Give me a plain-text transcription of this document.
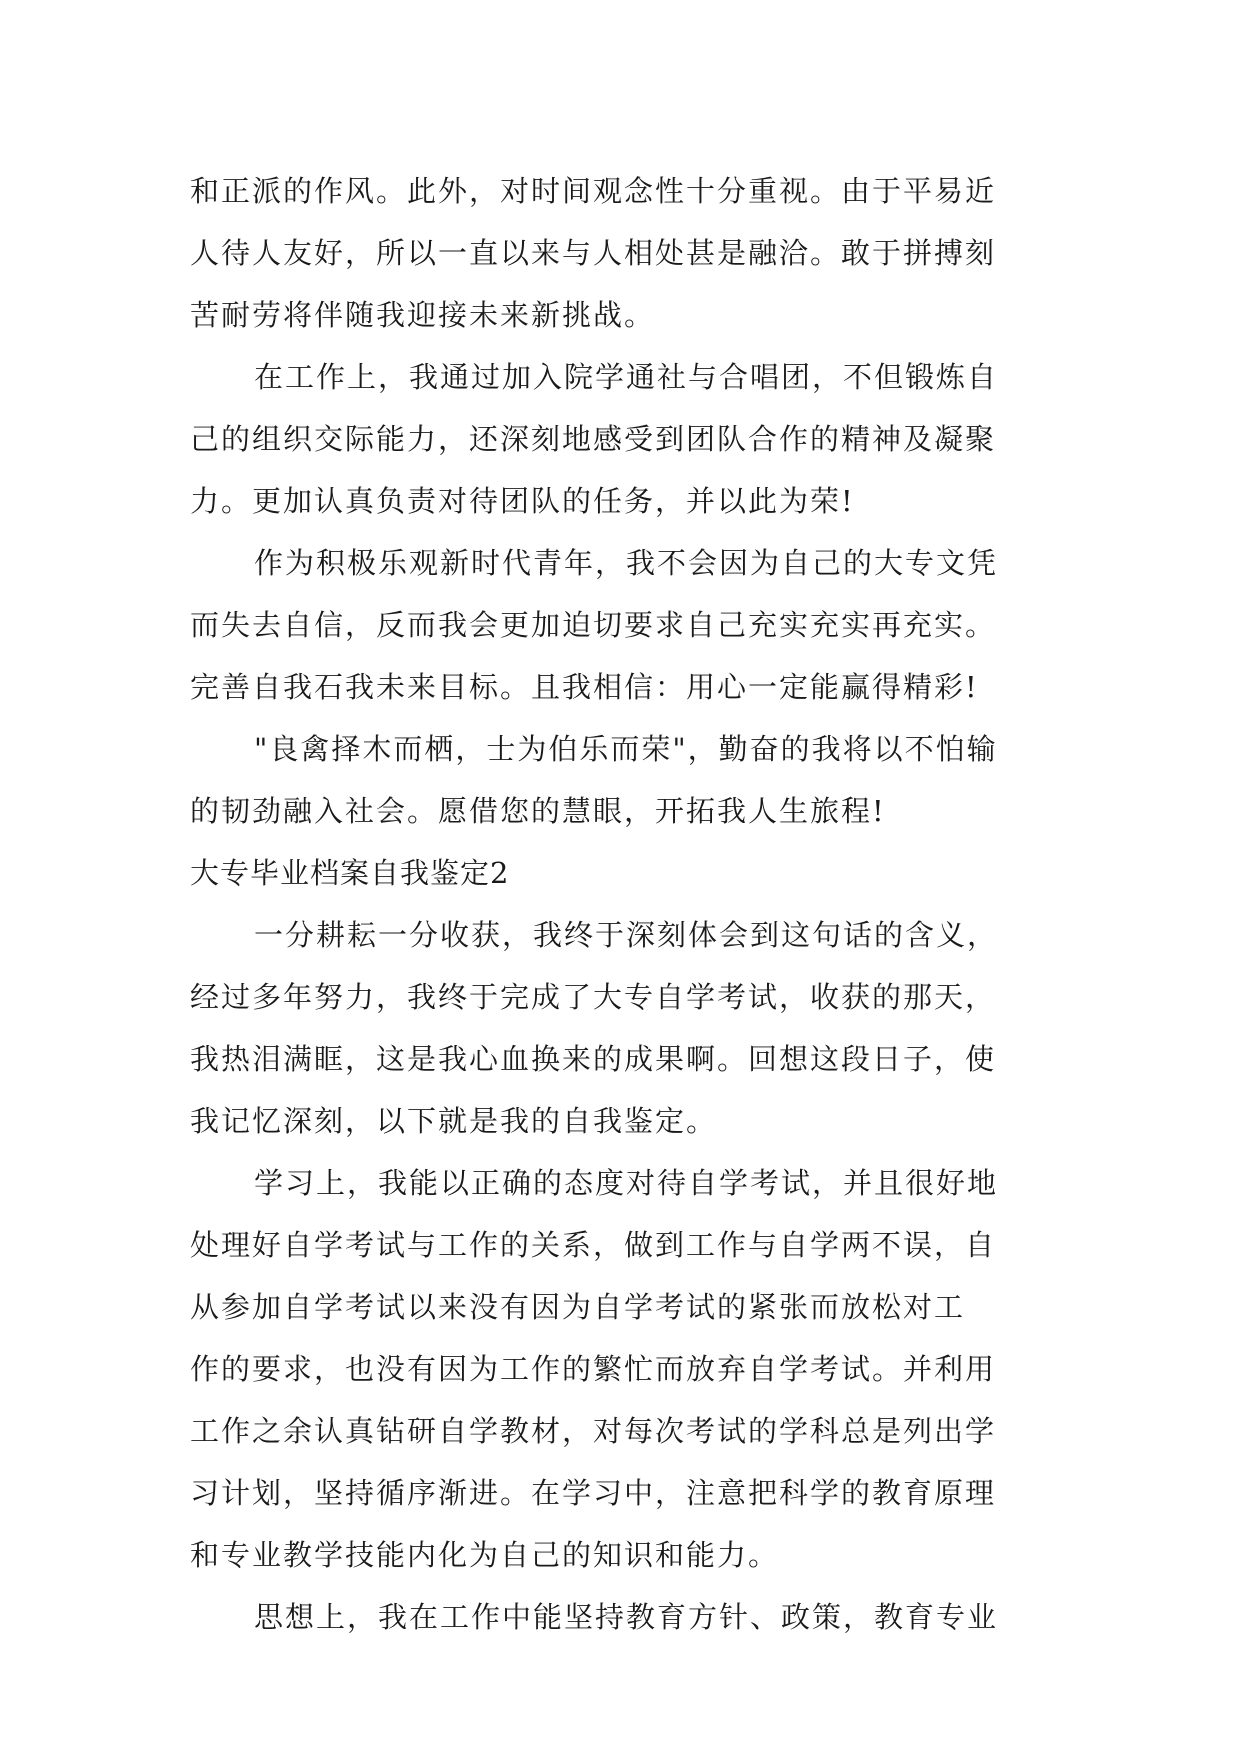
和正派的作风。此外，对时间观念性十分重视。由于平易近
人待人友好，所以一直以来与人相处甚是融洽。敢于拼搏刻
苦耐劳将伴随我迎接未来新挑战。
在工作上，我通过加入院学通社与合唱团，不但锻炼自
己的组织交际能力，还深刻地感受到团队合作的精神及凝聚
力。更加认真负责对待团队的任务，并以此为荣!
作为积极乐观新时代青年，我不会因为自己的大专文凭
而失去自信，反而我会更加迫切要求自己充实充实再充实。
完善自我石我未来目标。且我相信：用心一定能赢得精彩!
"良禽择木而栖，士为伯乐而荣"，勤奋的我将以不怕输
的韧劲融入社会。愿借您的慧眼，开拓我人生旅程!
大专毕业档案自我鉴定2
一分耕耘一分收获，我终于深刻体会到这句话的含义，
经过多年努力，我终于完成了大专自学考试，收获的那天，
我热泪满眶，这是我心血换来的成果啊。回想这段日子，使
我记忆深刻，以下就是我的自我鉴定。
学习上，我能以正确的态度对待自学考试，并且很好地
处理好自学考试与工作的关系，做到工作与自学两不误，自
从参加自学考试以来没有因为自学考试的紧张而放松对工
作的要求，也没有因为工作的繁忙而放弃自学考试。并利用
工作之余认真钻研自学教材，对每次考试的学科总是列出学
习计划，坚持循序渐进。在学习中，注意把科学的教育原理
和专业教学技能内化为自己的知识和能力。
思想上，我在工作中能坚持教育方针、政策，教育专业
